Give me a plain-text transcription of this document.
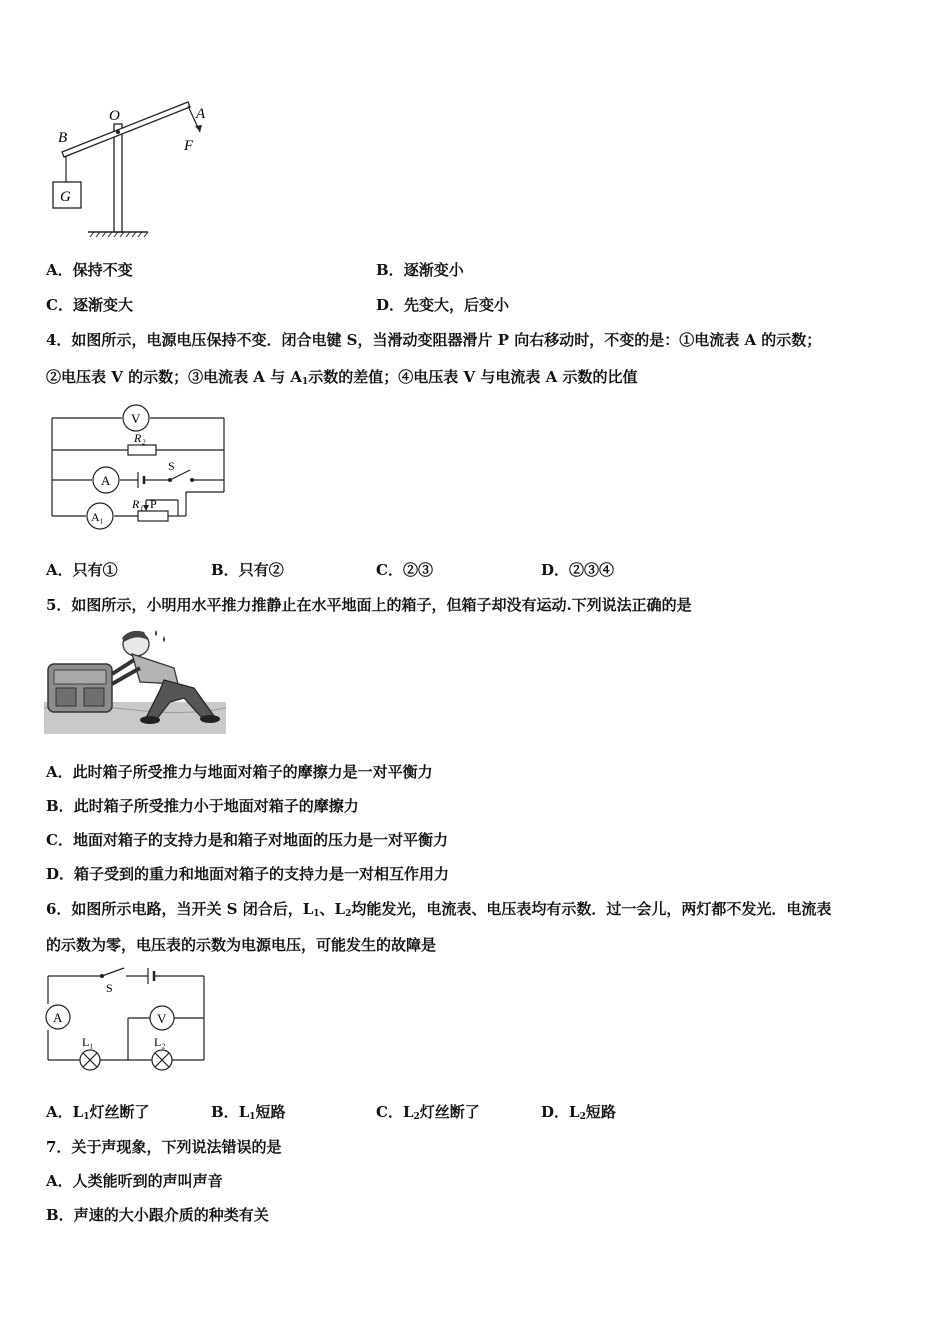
G
B
O	A
F
A．保持不变	B．逐渐变小
C．逐渐变大	D．先变大，后变小
4．如图所示，电源电压保持不变．闭合电键 S，当滑动变阻器滑片 P 向右移动时，不变的是：①电流表 A 的示数；
②电压表 V 的示数；③电流表 A 与 $A_1$示数的差值；④电压表 V 与电流表 A 示数的比值
V
R₂
A
S
A₁
R₁ P
A．只有①	B．只有②	C．②③	D．②③④
5．如图所示，小明用水平推力推静止在水平地面上的箱子，但箱子却没有运动.下列说法正确的是
A．此时箱子所受推力与地面对箱子的摩擦力是一对平衡力
B．此时箱子所受推力小于地面对箱子的摩擦力
C．地面对箱子的支持力是和箱子对地面的压力是一对平衡力
D．箱子受到的重力和地面对箱子的支持力是一对相互作用力
6．如图所示电路，当开关 S 闭合后，$L_1$、$L_2$均能发光，电流表、电压表均有示数．过一会儿，两灯都不发光．电流表
的示数为零，电压表的示数为电源电压，可能发生的故障是
S
A	V
L₁	L₂
A．$L_1$灯丝断了	B．$L_1$短路	C．$L_2$灯丝断了	D．$L_2$短路
7．关于声现象，下列说法错误的是
A．人类能听到的声叫声音
B．声速的大小跟介质的种类有关
